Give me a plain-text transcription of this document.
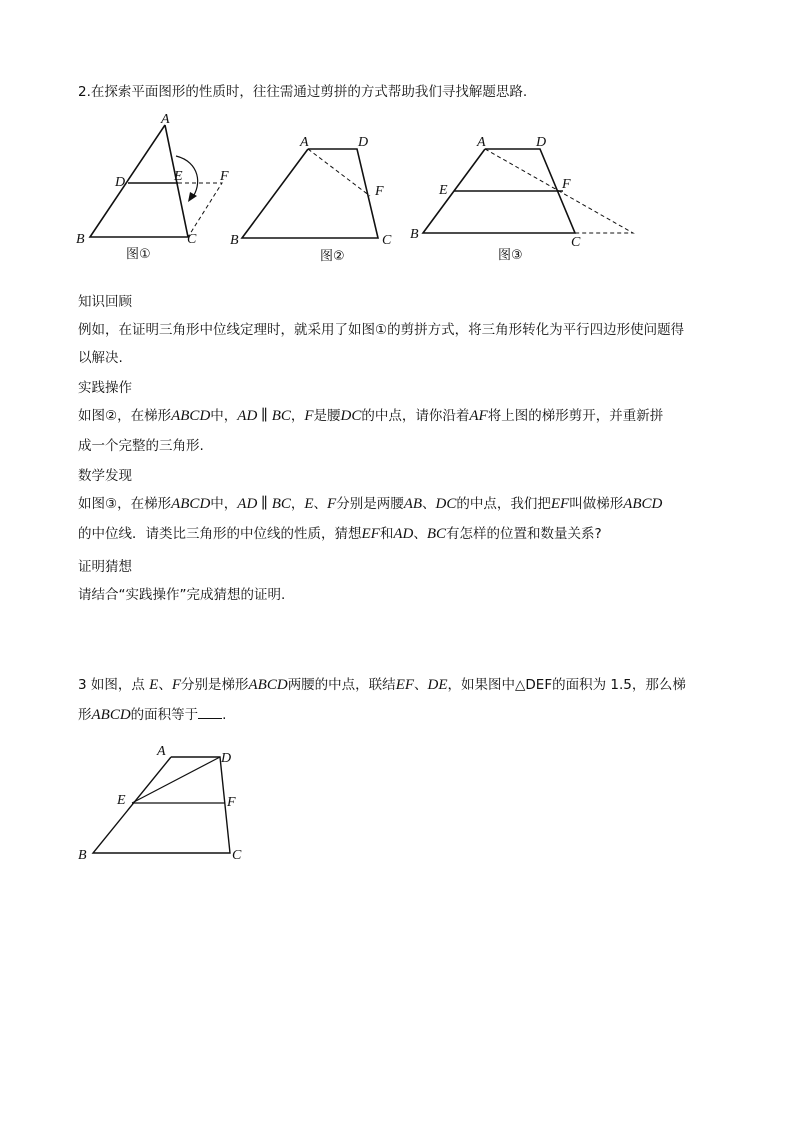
2.在探索平面图形的性质时，往往需通过剪拼的方式帮助我们寻找解题思路.
A
D	E	F
B	C
图①
A	D
F
B	C
图②
A	D
E	F
B
C
图③
知识回顾
例如，在证明三角形中位线定理时，就采用了如图①的剪拼方式，将三角形转化为平行四边形使问题得
以解决.
实践操作
如图②，在梯形ABCD中，AD ∥ BC，F是腰DC的中点，请你沿着AF将上图的梯形剪开，并重新拼
成一个完整的三角形.
数学发现
如图③，在梯形ABCD中，AD ∥ BC，E、F分别是两腰AB、DC的中点，我们把EF叫做梯形ABCD
的中位线．请类比三角形的中位线的性质，猜想EF和AD、BC有怎样的位置和数量关系?
证明猜想
请结合“实践操作”完成猜想的证明.
3 如图，点 E、F分别是梯形ABCD两腰的中点，联结EF、DE，如果图中△DEF的面积为 1.5，那么梯
形ABCD的面积等于 .
A	D
E	F
B	C
